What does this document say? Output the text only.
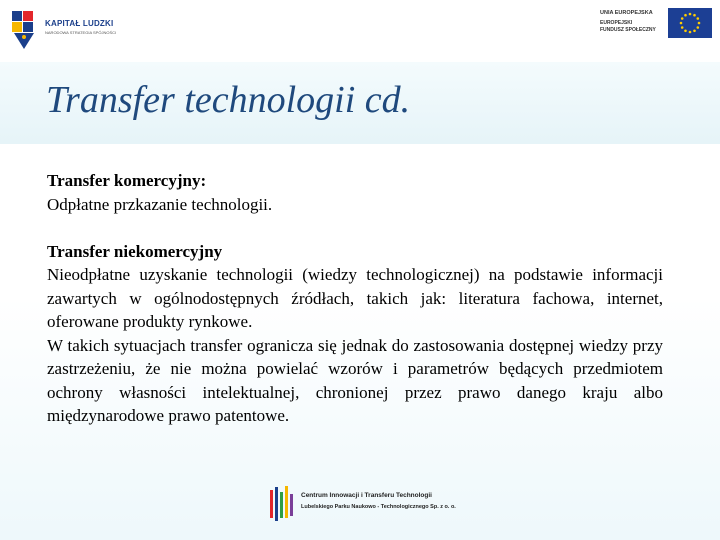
KAPITAŁ LUDZKI
NARODOWA STRATEGIA SPÓJNOŚCI
UNIA EUROPEJSKA
EUROPEJSKI
FUNDUSZ SPOŁECZNY
Transfer technologii cd.

Transfer komercyjny:

Odpłatne przkazanie technologii.

Transfer niekomercyjny

Nieodpłatne uzyskanie technologii (wiedzy technologicznej) na podstawie informacji zawartych w ogólnodostępnych źródłach, takich jak: literatura fachowa, internet, oferowane produkty rynkowe.

W takich sytuacjach transfer ogranicza się jednak do zastosowania dostępnej wiedzy przy zastrzeżeniu, że nie można powielać wzorów i parametrów będących przedmiotem ochrony własności intelektualnej, chronionej przez prawo danego kraju albo międzynarodowe prawo patentowe.

Centrum Innowacji i Transferu Technologii
Lubelskiego Parku Naukowo - Technologicznego Sp. z o. o.
